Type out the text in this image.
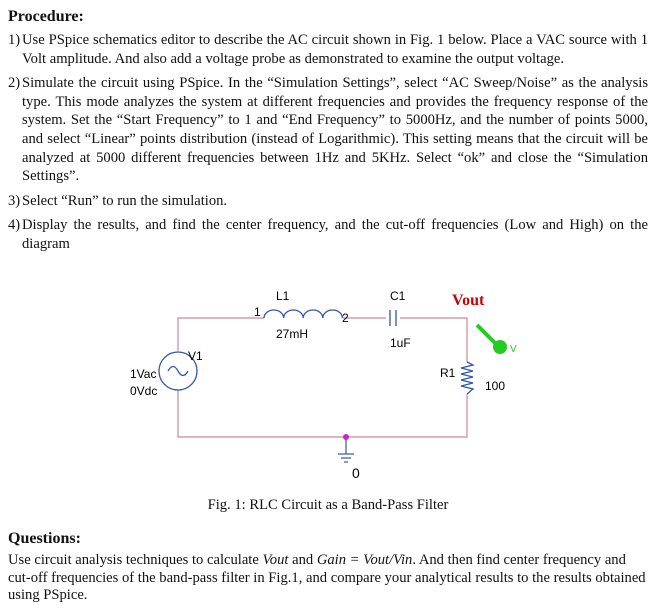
Procedure:
1) Use PSpice schematics editor to describe the AC circuit shown in Fig. 1 below. Place a VAC source with 1 Volt amplitude. And also add a voltage probe as demonstrated to examine the output voltage.
2) Simulate the circuit using PSpice. In the “Simulation Settings”, select “AC Sweep/Noise” as the analysis type. This mode analyzes the system at different frequencies and provides the frequency response of the system. Set the “Start Frequency” to 1 and “End Frequency” to 5000Hz, and the number of points 5000, and select “Linear” points distribution (instead of Logarithmic). This setting means that the circuit will be analyzed at 5000 different frequencies between 1Hz and 5KHz. Select “ok” and close the “Simulation Settings”.
3) Select “Run” to run the simulation.
4) Display the results, and find the center frequency, and the cut-off frequencies (Low and High) on the diagram
L1
1	2
27mH
C1
1uF
Vout
V
R1
100
V1
1Vac
0Vdc
0
Fig. 1: RLC Circuit as a Band-Pass Filter
Questions:
Use circuit analysis techniques to calculate Vout and Gain = Vout/Vin. And then find center frequency and cut-off frequencies of the band-pass filter in Fig.1, and compare your analytical results to the results obtained using PSpice.
